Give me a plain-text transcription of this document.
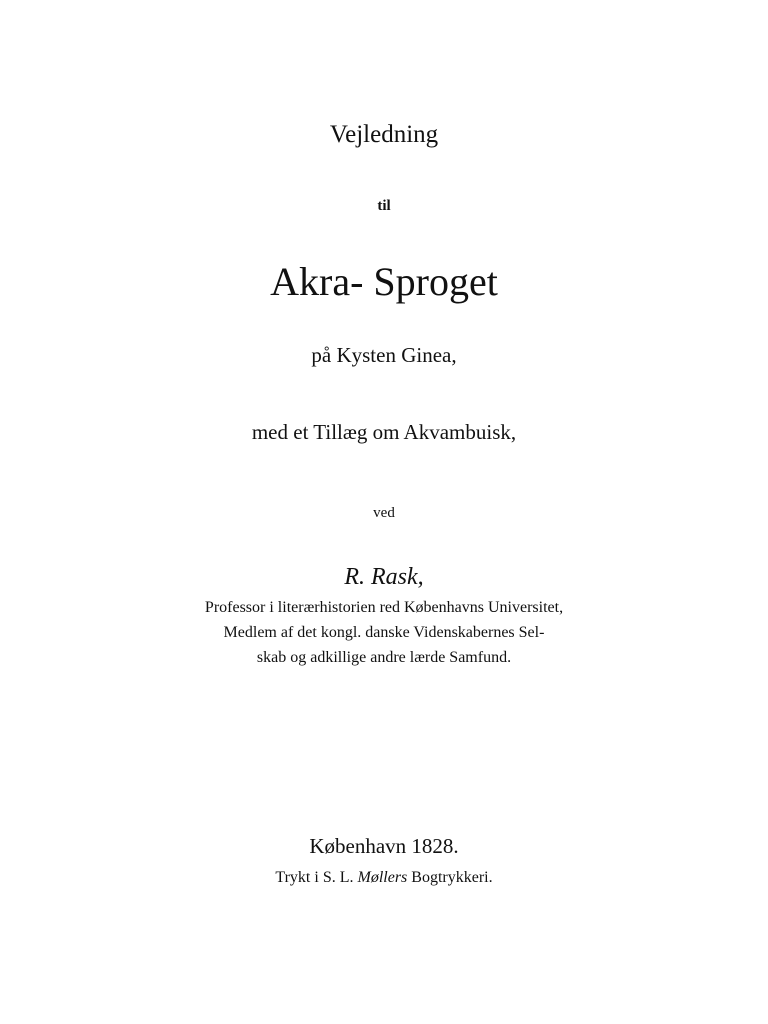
Vejledning
til
Akra- Sproget
på Kysten Ginea,
med et Tillæg om Akvambuisk,
ved
R. Rask,
Professor i literærhistorien red Københavns Universitet,
Medlem af det kongl. danske Videnskabernes Sel-
skab og adkillige andre lærde Samfund.
København 1828.
Trykt i S. L. Møllers Bogtrykkeri.
